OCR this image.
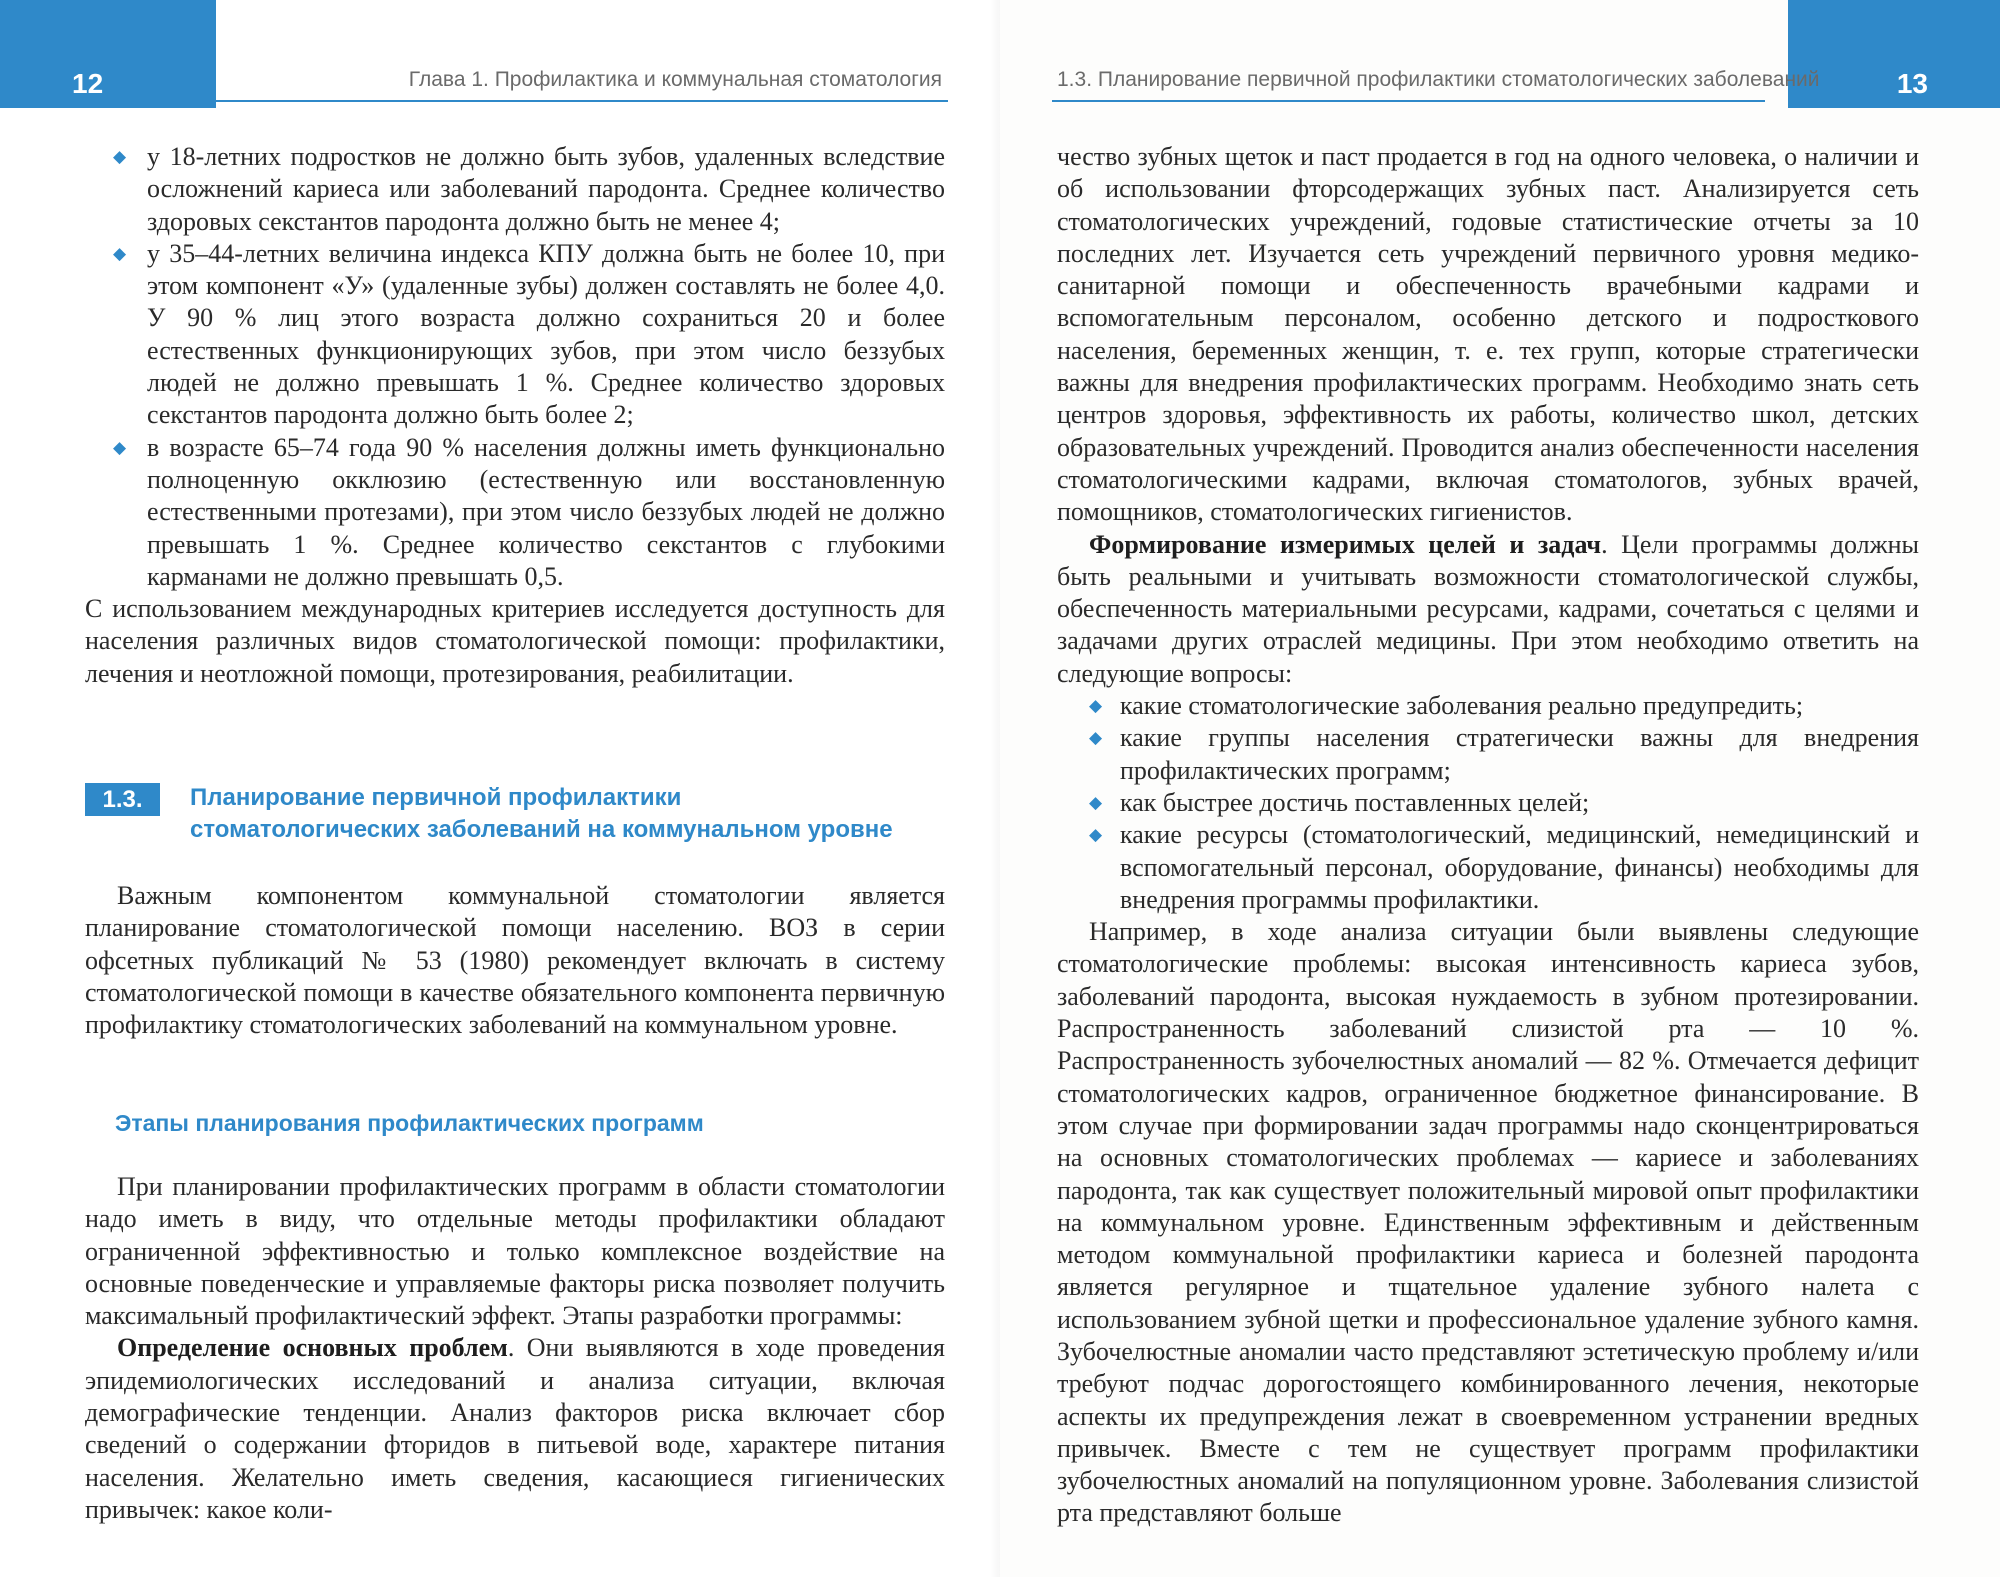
12	Глава 1. Профилактика и коммунальная стоматология
◆ у 18-летних подростков не должно быть зубов, удаленных вследствие осложнений кариеса или заболеваний пародонта. Среднее количество здоровых секстантов пародонта должно быть не менее 4;
◆ у 35–44-летних величина индекса КПУ должна быть не более 10, при этом компонент «У» (удаленные зубы) должен составлять не более 4,0. У 90 % лиц этого возраста должно сохраниться 20 и более естественных функционирующих зубов, при этом число беззубых людей не должно превышать 1 %. Среднее количество здоровых секстантов пародонта должно быть более 2;
◆ в возрасте 65–74 года 90 % населения должны иметь функционально полноценную окклюзию (естественную или восстановленную естественными протезами), при этом число беззубых людей не должно превышать 1 %. Среднее количество секстантов с глубокими карманами не должно превышать 0,5.

С использованием международных критериев исследуется доступность для населения различных видов стоматологической помощи: профилактики, лечения и неотложной помощи, протезирования, реабилитации.

1.3.	Планирование первичной профилактики
стоматологических заболеваний на коммунальном уровне

Важным компонентом коммунальной стоматологии является планирование стоматологической помощи населению. ВОЗ в серии офсетных публикаций № 53 (1980) рекомендует включать в систему стоматологической помощи в качестве обязательного компонента первичную профилактику стоматологических заболеваний на коммунальном уровне.

Этапы планирования профилактических программ

При планировании профилактических программ в области стоматологии надо иметь в виду, что отдельные методы профилактики обладают ограниченной эффективностью и только комплексное воздействие на основные поведенческие и управляемые факторы риска позволяет получить максимальный профилактический эффект. Этапы разработки программы:

Определение основных проблем. Они выявляются в ходе проведения эпидемиологических исследований и анализа ситуации, включая демографические тенденции. Анализ факторов риска включает сбор сведений о содержании фторидов в питьевой воде, характере питания населения. Желательно иметь сведения, касающиеся гигиенических привычек: какое коли-

13
1.3. Планирование первичной профилактики стоматологических заболеваний

чество зубных щеток и паст продается в год на одного человека, о наличии и об использовании фторсодержащих зубных паст. Анализируется сеть стоматологических учреждений, годовые статистические отчеты за 10 последних лет. Изучается сеть учреждений первичного уровня медико-санитарной помощи и обеспеченность врачебными кадрами и вспомогательным персоналом, особенно детского и подросткового населения, беременных женщин, т. е. тех групп, которые стратегически важны для внедрения профилактических программ. Необходимо знать сеть центров здоровья, эффективность их работы, количество школ, детских образовательных учреждений. Проводится анализ обеспеченности населения стоматологическими кадрами, включая стоматологов, зубных врачей, помощников, стоматологических гигиенистов.

Формирование измеримых целей и задач. Цели программы должны быть реальными и учитывать возможности стоматологической службы, обеспеченность материальными ресурсами, кадрами, сочетаться с целями и задачами других отраслей медицины. При этом необходимо ответить на следующие вопросы:

◆ какие стоматологические заболевания реально предупредить;
◆ какие группы населения стратегически важны для внедрения профилактических программ;
◆ как быстрее достичь поставленных целей;
◆ какие ресурсы (стоматологический, медицинский, немедицинский и вспомогательный персонал, оборудование, финансы) необходимы для внедрения программы профилактики.

Например, в ходе анализа ситуации были выявлены следующие стоматологические проблемы: высокая интенсивность кариеса зубов, заболеваний пародонта, высокая нуждаемость в зубном протезировании. Распространенность заболеваний слизистой рта — 10 %. Распространенность зубочелюстных аномалий — 82 %. Отмечается дефицит стоматологических кадров, ограниченное бюджетное финансирование. В этом случае при формировании задач программы надо сконцентрироваться на основных стоматологических проблемах — кариесе и заболеваниях пародонта, так как существует положительный мировой опыт профилактики на коммунальном уровне. Единственным эффективным и действенным методом коммунальной профилактики кариеса и болезней пародонта является регулярное и тщательное удаление зубного налета с использованием зубной щетки и профессиональное удаление зубного камня. Зубочелюстные аномалии часто представляют эстетическую проблему и/или требуют подчас дорогостоящего комбинированного лечения, некоторые аспекты их предупреждения лежат в своевременном устранении вредных привычек. Вместе с тем не существует программ профилактики зубочелюстных аномалий на популяционном уровне. Заболевания слизистой рта представляют больше
